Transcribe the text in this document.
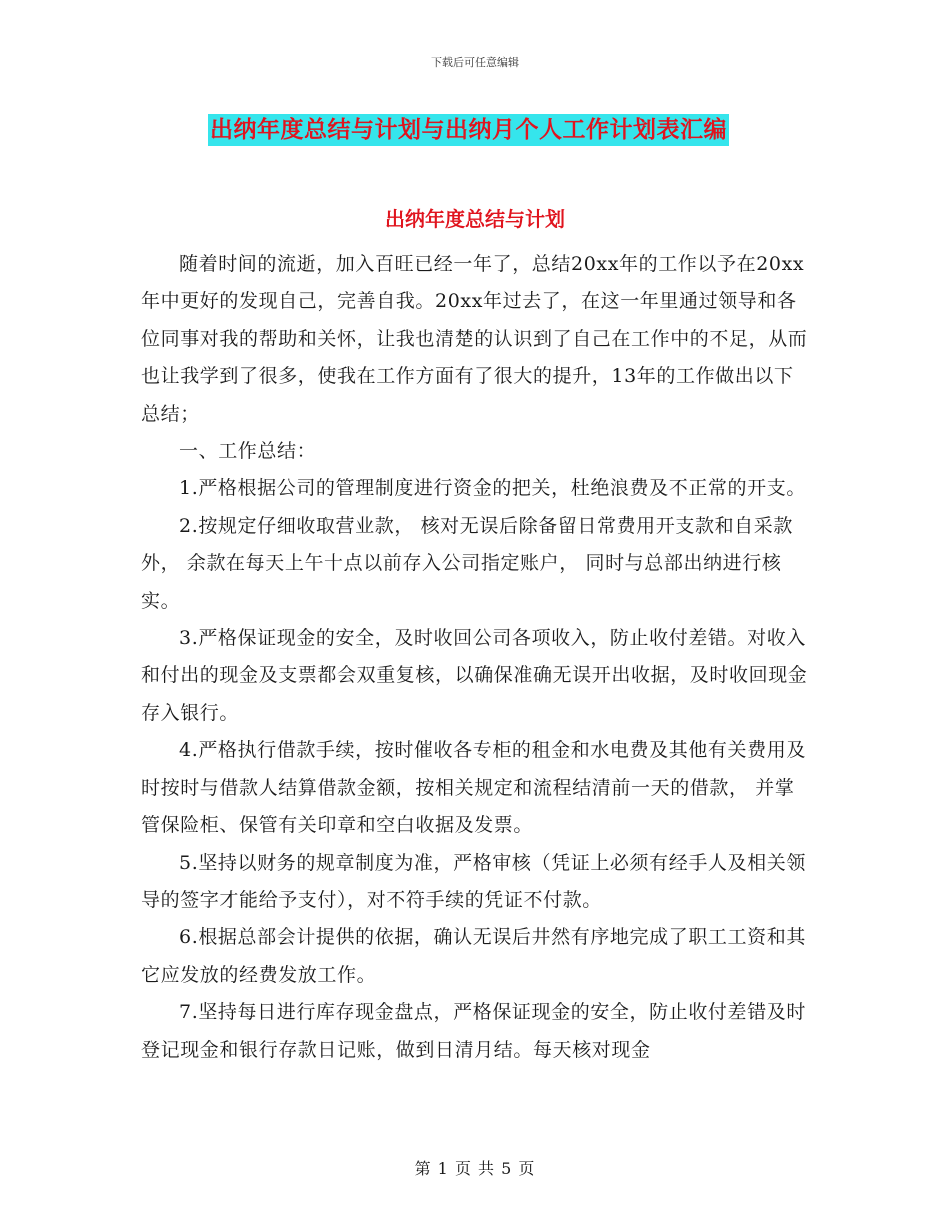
下载后可任意编辑
出纳年度总结与计划与出纳月个人工作计划表汇编
出纳年度总结与计划

随着时间的流逝，加入百旺已经一年了，总结20xx年的工作以予在20xx年中更好的发现自己，完善自我。20xx年过去了，在这一年里通过领导和各位同事对我的帮助和关怀，让我也清楚的认识到了自己在工作中的不足，从而也让我学到了很多，使我在工作方面有了很大的提升，13年的工作做出以下总结；

一、工作总结：

1.严格根据公司的管理制度进行资金的把关，杜绝浪费及不正常的开支。

2.按规定仔细收取营业款， 核对无误后除备留日常费用开支款和自采款外， 余款在每天上午十点以前存入公司指定账户， 同时与总部出纳进行核实。

3.严格保证现金的安全，及时收回公司各项收入，防止收付差错。对收入和付出的现金及支票都会双重复核，以确保准确无误开出收据，及时收回现金存入银行。

4.严格执行借款手续，按时催收各专柜的租金和水电费及其他有关费用及时按时与借款人结算借款金额，按相关规定和流程结清前一天的借款， 并掌管保险柜、保管有关印章和空白收据及发票。

5.坚持以财务的规章制度为准，严格审核（凭证上必须有经手人及相关领导的签字才能给予支付），对不符手续的凭证不付款。

6.根据总部会计提供的依据，确认无误后井然有序地完成了职工工资和其它应发放的经费发放工作。

7.坚持每日进行库存现金盘点，严格保证现金的安全，防止收付差错及时登记现金和银行存款日记账，做到日清月结。每天核对现金

第 1 页 共 5 页
